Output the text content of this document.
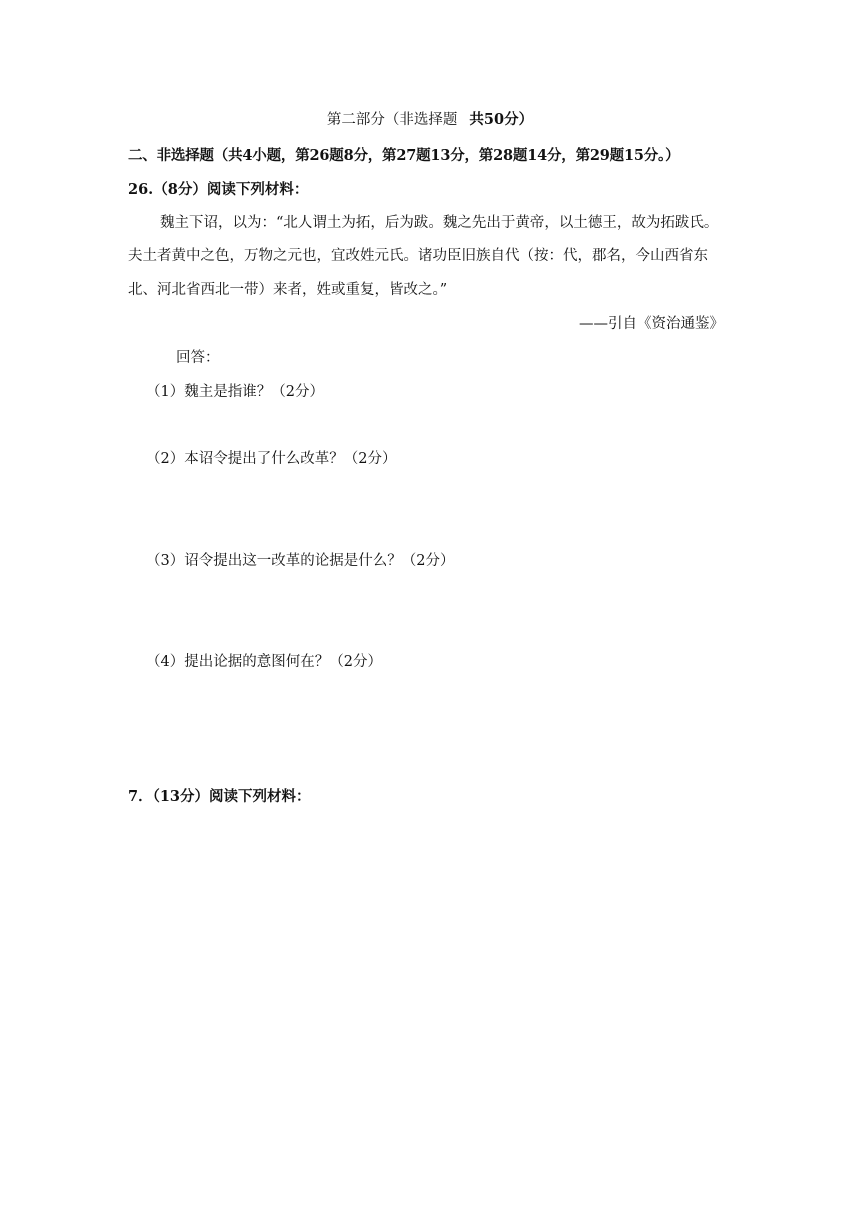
第二部分（非选择题 共50分）
二、非选择题（共4小题，第26题8分，第27题13分，第28题14分，第29题15分。）
26.（8分）阅读下列材料：
魏主下诏，以为：“北人谓土为拓，后为跋。魏之先出于黄帝，以土德王，故为拓跋氏。
夫土者黄中之色，万物之元也，宜改姓元氏。诸功臣旧族自代（按：代，郡名，今山西省东
北、河北省西北一带）来者，姓或重复，皆改之。”
——引自《资治通鉴》
回答：
（1）魏主是指谁？（2分）
（2）本诏令提出了什么改革？（2分）
（3）诏令提出这一改革的论据是什么？（2分）
（4）提出论据的意图何在？（2分）
7．（13分）阅读下列材料：
